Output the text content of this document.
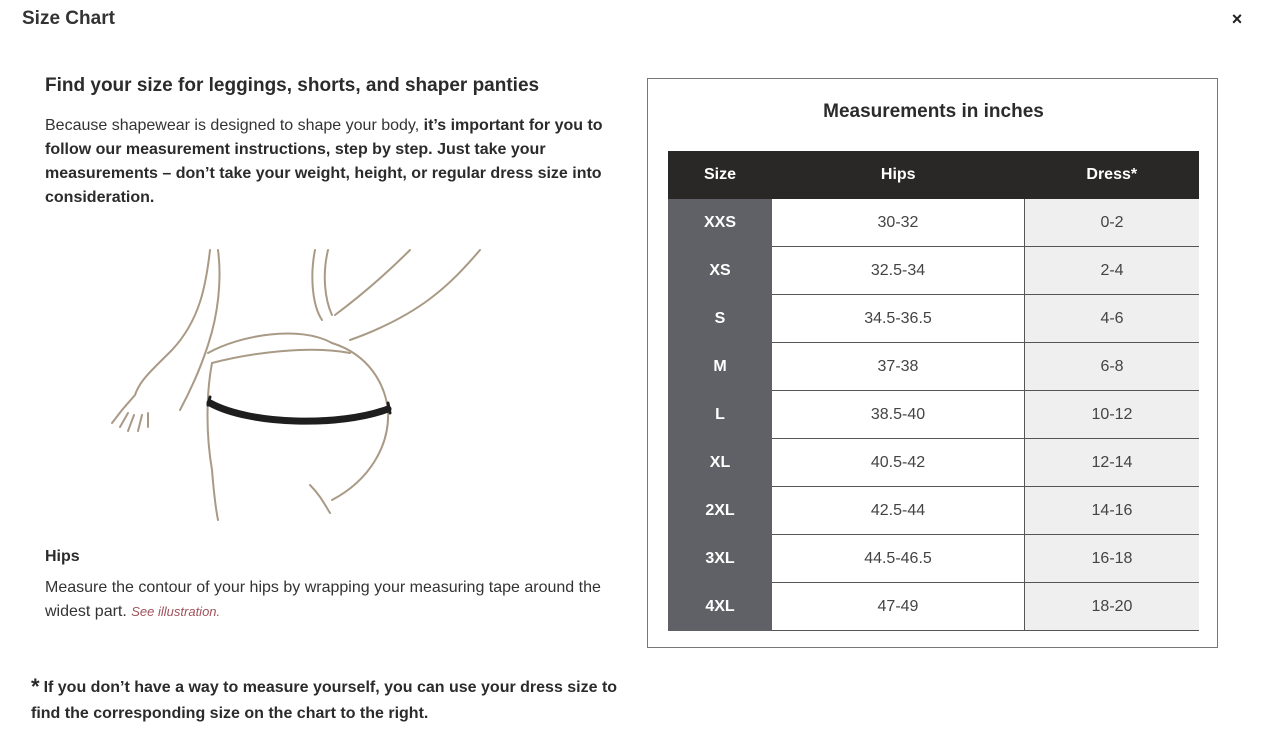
Size Chart	×
Find your size for leggings, shorts, and shaper panties
Because shapewear is designed to shape your body, it’s important for you to follow our measurement instructions, step by step. Just take your measurements – don’t take your weight, height, or regular dress size into consideration.
Hips
Measure the contour of your hips by wrapping your measuring tape around the widest part. See illustration.
* If you don’t have a way to measure yourself, you can use your dress size to find the corresponding size on the chart to the right.
Measurements in inches
Size	Hips	Dress*
XXS	30-32	0-2
XS	32.5-34	2-4
S	34.5-36.5	4-6
M	37-38	6-8
L	38.5-40	10-12
XL	40.5-42	12-14
2XL	42.5-44	14-16
3XL	44.5-46.5	16-18
4XL	47-49	18-20
